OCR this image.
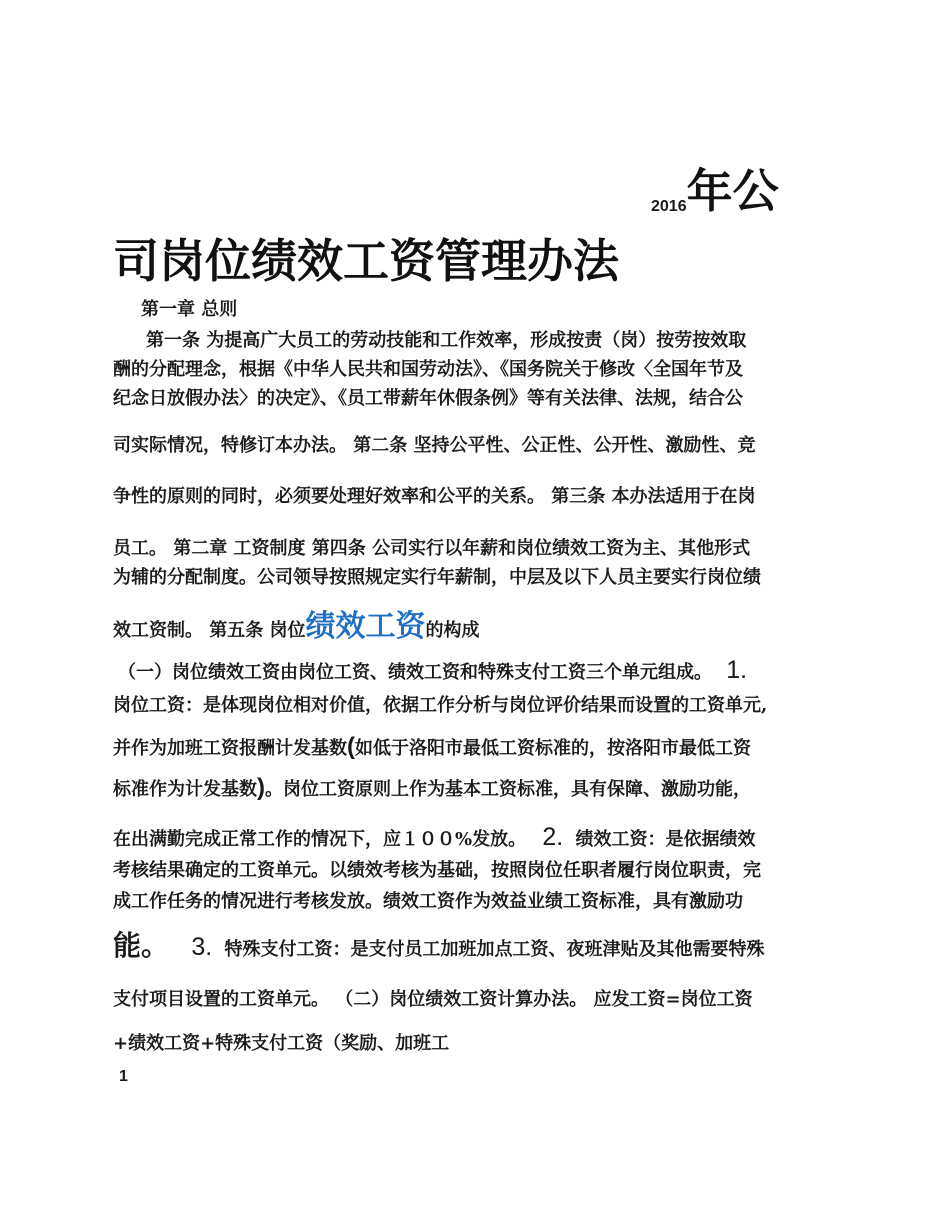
2016年公
司岗位绩效工资管理办法
第一章 总则
第一条 为提高广大员工的劳动技能和工作效率，形成按责（岗）按劳按效取
酬的分配理念，根据《中华人民共和国劳动法》、《国务院关于修改〈全国年节及
纪念日放假办法〉的决定》、《员工带薪年休假条例》等有关法律、法规，结合公
司实际情况，特修订本办法。 第二条 坚持公平性、公正性、公开性、激励性、竞
争性的原则的同时，必须要处理好效率和公平的关系。 第三条 本办法适用于在岗
员工。 第二章 工资制度 第四条 公司实行以年薪和岗位绩效工资为主、其他形式
为辅的分配制度。公司领导按照规定实行年薪制，中层及以下人员主要实行岗位绩
效工资制。 第五条 岗位绩效工资的构成
（一）岗位绩效工资由岗位工资、绩效工资和特殊支付工资三个单元组成。 1.
岗位工资：是体现岗位相对价值，依据工作分析与岗位评价结果而设置的工资单元,
并作为加班工资报酬计发基数(如低于洛阳市最低工资标准的，按洛阳市最低工资
标准作为计发基数)。岗位工资原则上作为基本工资标准，具有保障、激励功能，
在出满勤完成正常工作的情况下，应１００%发放。 2. 绩效工资：是依据绩效
考核结果确定的工资单元。以绩效考核为基础，按照岗位任职者履行岗位职责，完
成工作任务的情况进行考核发放。绩效工资作为效益业绩工资标准，具有激励功
能。 3. 特殊支付工资：是支付员工加班加点工资、夜班津贴及其他需要特殊
支付项目设置的工资单元。 （二）岗位绩效工资计算办法。 应发工资=岗位工资
+绩效工资+特殊支付工资（奖励、加班工
1
